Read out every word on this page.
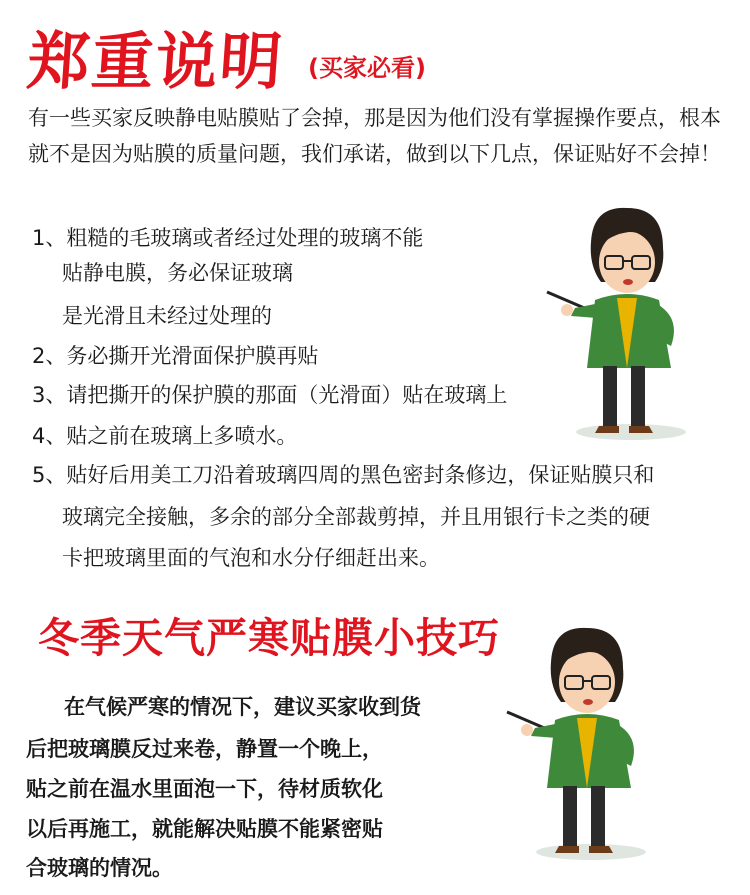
郑重说明 (买家必看)

有一些买家反映静电贴膜贴了会掉，那是因为他们没有掌握操作要点，根本就不是因为贴膜的质量问题，我们承诺，做到以下几点，保证贴好不会掉！

1、粗糙的毛玻璃或者经过处理的玻璃不能
贴静电膜，务必保证玻璃
是光滑且未经过处理的
2、务必撕开光滑面保护膜再贴
3、请把撕开的保护膜的那面（光滑面）贴在玻璃上
4、贴之前在玻璃上多喷水。
5、贴好后用美工刀沿着玻璃四周的黑色密封条修边，保证贴膜只和
玻璃完全接触，多余的部分全部裁剪掉，并且用银行卡之类的硬
卡把玻璃里面的气泡和水分仔细赶出来。
冬季天气严寒贴膜小技巧
在气候严寒的情况下，建议买家收到货
后把玻璃膜反过来卷，静置一个晚上，
贴之前在温水里面泡一下，待材质软化
以后再施工，就能解决贴膜不能紧密贴
合玻璃的情况。
